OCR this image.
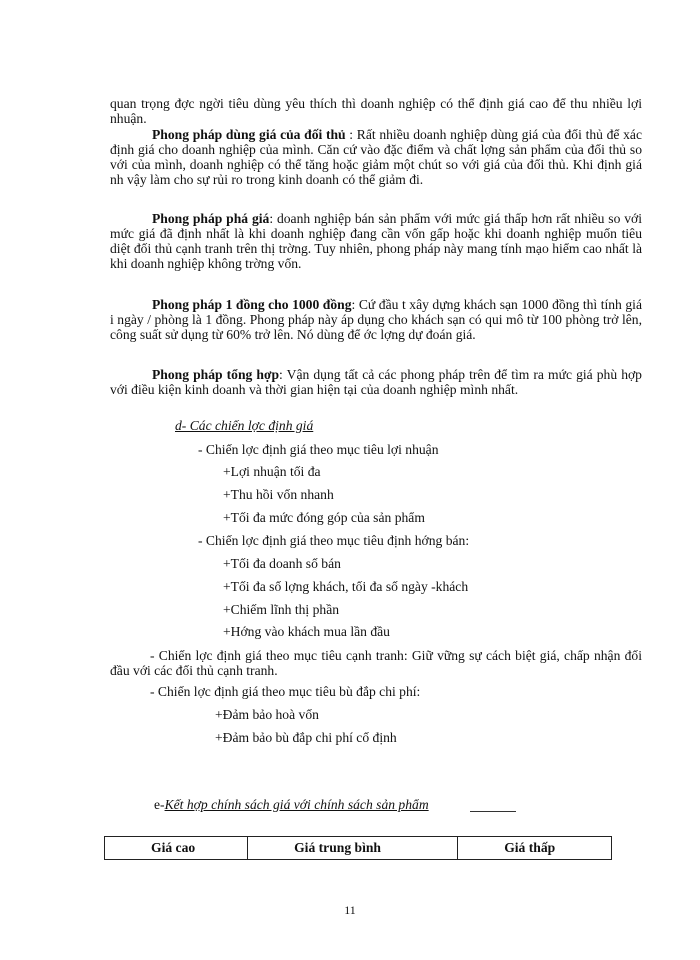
quan trọng đợc ngời tiêu dùng yêu thích thì doanh nghiệp có thể định giá cao để thu nhiều lợi nhuận.

Phong pháp dùng giá của đối thủ : Rất nhiều doanh nghiệp dùng giá của đối thủ để xác định giá cho doanh nghiệp của mình. Căn cứ vào đặc điểm và chất lợng sản phẩm của đối thủ so với của mình, doanh nghiệp có thể tăng hoặc giảm một chút so với giá của đối thủ. Khi định giá nh vậy làm cho sự rủi ro trong kinh doanh có thể giảm đi.

Phong pháp phá giá: doanh nghiệp bán sản phẩm với mức giá thấp hơn rất nhiều so với mức giá đã định nhất là khi doanh nghiệp đang cần vốn gấp hoặc khi doanh nghiệp muốn tiêu diệt đối thủ cạnh tranh trên thị trờng. Tuy nhiên, phong pháp này mang tính mạo hiểm cao nhất là khi doanh nghiệp không trờng vốn.

Phong pháp 1 đồng cho 1000 đồng: Cứ đầu t xây dựng khách sạn 1000 đồng thì tính giá i ngày / phòng là 1 đồng. Phong pháp này áp dụng cho khách sạn có qui mô từ 100 phòng trở lên, công suất sử dụng từ 60% trở lên. Nó dùng để ớc lợng dự đoán giá.

Phong pháp tổng hợp: Vận dụng tất cả các phong pháp trên để tìm ra mức giá phù hợp với điều kiện kinh doanh và thời gian hiện tại của doanh nghiệp mình nhất.

d- Các chiến lợc định giá
- Chiến lợc định giá theo mục tiêu lợi nhuận
+Lợi nhuận tối đa
+Thu hồi vốn nhanh
+Tối đa mức đóng góp của sản phẩm
- Chiến lợc định giá theo mục tiêu định hớng bán:
+Tối đa doanh số bán
+Tối đa số lợng khách, tối đa số ngày -khách
+Chiếm lĩnh thị phần
+Hớng vào khách mua lần đầu

- Chiến lợc định giá theo mục tiêu cạnh tranh: Giữ vững sự cách biệt giá, chấp nhận đối đầu với các đối thủ cạnh tranh.

- Chiến lợc định giá theo mục tiêu bù đắp chi phí:
+Đảm bảo hoà vốn
+Đảm bảo bù đắp chi phí cố định
e-Kết hợp chính sách giá với chính sách sản phẩm
Giá cao	Giá trung bình	Giá thấp
11
